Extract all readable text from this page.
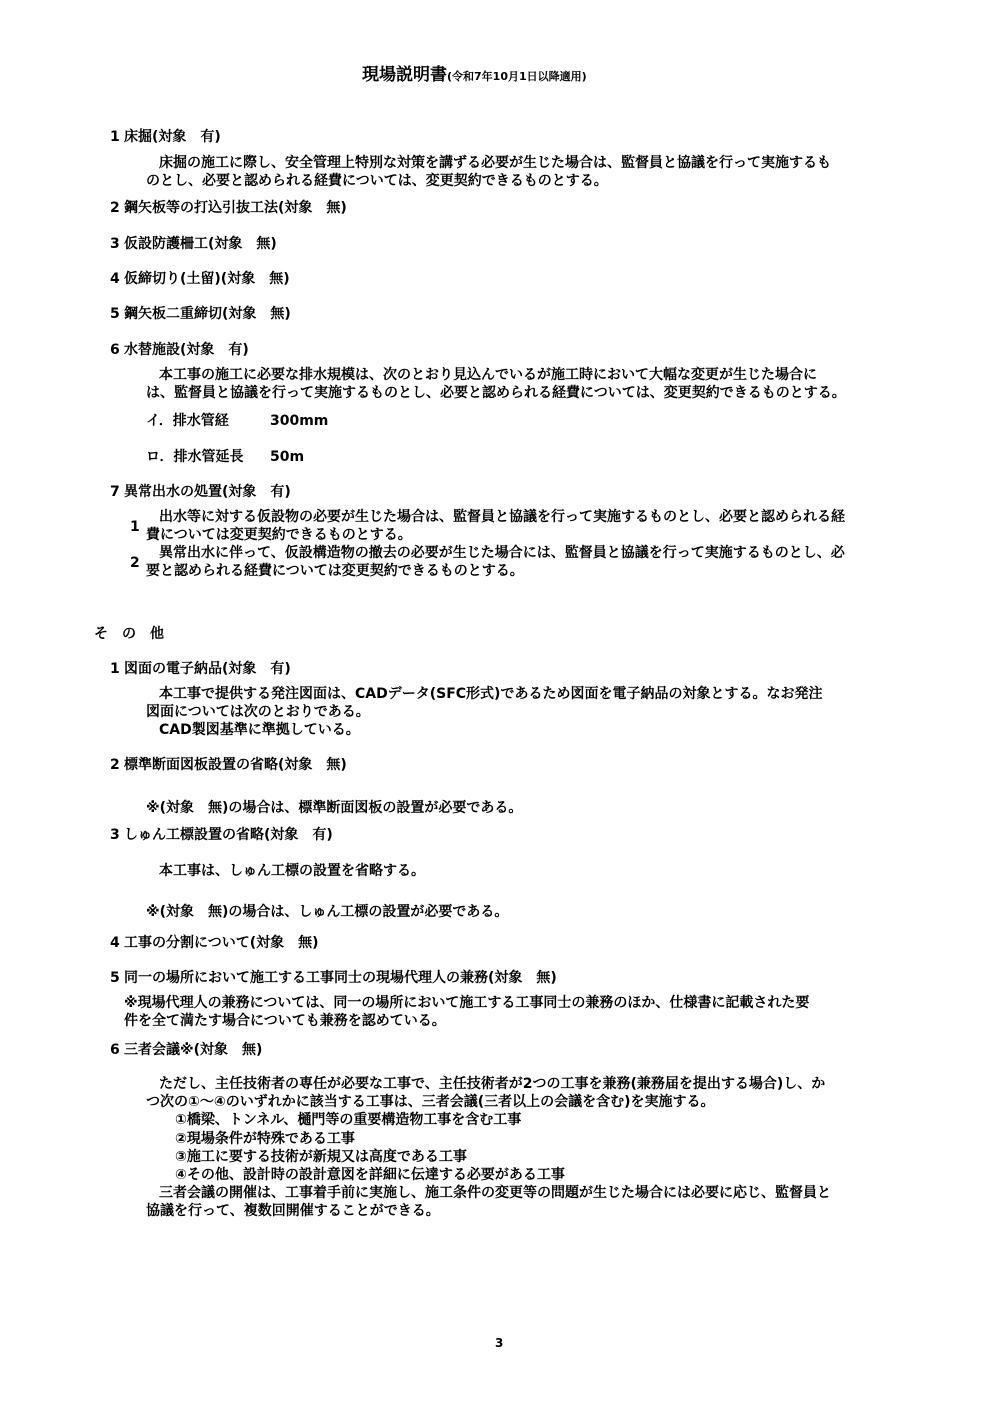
現場説明書(令和7年10月1日以降適用)
1 床掘(対象　有)
床掘の施工に際し、安全管理上特別な対策を講ずる必要が生じた場合は、監督員と協議を行って実施するも
のとし、必要と認められる経費については、変更契約できるものとする。
2 鋼矢板等の打込引抜工法(対象　無)
3 仮設防護柵工(対象　無)
4 仮締切り(土留)(対象　無)
5 鋼矢板二重締切(対象　無)
6 水替施設(対象　有)
本工事の施工に必要な排水規模は、次のとおり見込んでいるが施工時において大幅な変更が生じた場合に
は、監督員と協議を行って実施するものとし、必要と認められる経費については、変更契約できるものとする。
イ．排水管経	300mm
ロ．排水管延長 50m
7 異常出水の処置(対象　有)
1
出水等に対する仮設物の必要が生じた場合は、監督員と協議を行って実施するものとし、必要と認められる経
費については変更契約できるものとする。
2
異常出水に伴って、仮設構造物の撤去の必要が生じた場合には、監督員と協議を行って実施するものとし、必
要と認められる経費については変更契約できるものとする。
そ　の　他
1 図面の電子納品(対象　有)
本工事で提供する発注図面は、CADデータ(SFC形式)であるため図面を電子納品の対象とする。なお発注
図面については次のとおりである。
CAD製図基準に準拠している。
2 標準断面図板設置の省略(対象　無)
※(対象　無)の場合は、標準断面図板の設置が必要である。
3 しゅん工標設置の省略(対象　有)
本工事は、しゅん工標の設置を省略する。
※(対象　無)の場合は、しゅん工標の設置が必要である。
4 工事の分割について(対象　無)
5 同一の場所において施工する工事同士の現場代理人の兼務(対象　無)
※現場代理人の兼務については、同一の場所において施工する工事同士の兼務のほか、仕様書に記載された要
件を全て満たす場合についても兼務を認めている。
6 三者会議※(対象　無)
ただし、主任技術者の専任が必要な工事で、主任技術者が2つの工事を兼務(兼務届を提出する場合)し、か
つ次の①～④のいずれかに該当する工事は、三者会議(三者以上の会議を含む)を実施する。
①橋梁、トンネル、樋門等の重要構造物工事を含む工事
②現場条件が特殊である工事
③施工に要する技術が新規又は高度である工事
④その他、設計時の設計意図を詳細に伝達する必要がある工事
三者会議の開催は、工事着手前に実施し、施工条件の変更等の問題が生じた場合には必要に応じ、監督員と
協議を行って、複数回開催することができる。
3
